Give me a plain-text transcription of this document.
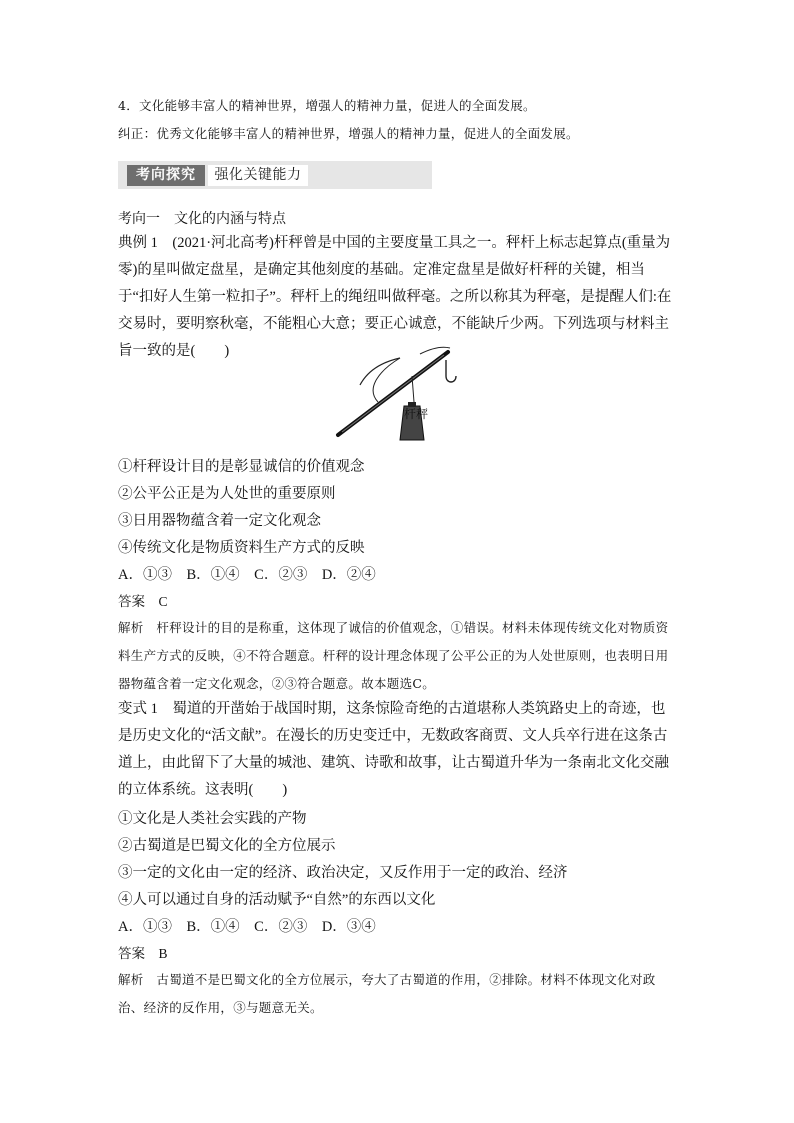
4．文化能够丰富人的精神世界，增强人的精神力量，促进人的全面发展。
纠正：优秀文化能够丰富人的精神世界，增强人的精神力量，促进人的全面发展。
考向探究	强化关键能力
考向一　文化的内涵与特点
典例 1　(2021·河北高考)杆秤曾是中国的主要度量工具之一。秤杆上标志起算点(重量为零)的星叫做定盘星，是确定其他刻度的基础。定准定盘星是做好杆秤的关键，相当于“扣好人生第一粒扣子”。秤杆上的绳纽叫做秤毫。之所以称其为秤毫，是提醒人们:在交易时，要明察秋毫，不能粗心大意；要正心诚意，不能缺斤少两。下列选项与材料主旨一致的是(　　)
杆秤
①杆秤设计目的是彰显诚信的价值观念
②公平公正是为人处世的重要原则
③日用器物蕴含着一定文化观念
④传统文化是物质资料生产方式的反映
A．①③　B．①④　C．②③　D．②④
答案　C
解析　杆秤设计的目的是称重，这体现了诚信的价值观念，①错误。材料未体现传统文化对物质资料生产方式的反映，④不符合题意。杆秤的设计理念体现了公平公正的为人处世原则，也表明日用器物蕴含着一定文化观念，②③符合题意。故本题选C。
变式 1　蜀道的开凿始于战国时期，这条惊险奇绝的古道堪称人类筑路史上的奇迹，也是历史文化的“活文献”。在漫长的历史变迁中，无数政客商贾、文人兵卒行进在这条古道上，由此留下了大量的城池、建筑、诗歌和故事，让古蜀道升华为一条南北文化交融的立体系统。这表明(　　)
①文化是人类社会实践的产物
②古蜀道是巴蜀文化的全方位展示
③一定的文化由一定的经济、政治决定，又反作用于一定的政治、经济
④人可以通过自身的活动赋予“自然”的东西以文化
A．①③　B．①④　C．②③　D．③④
答案　B
解析　古蜀道不是巴蜀文化的全方位展示，夸大了古蜀道的作用，②排除。材料不体现文化对政治、经济的反作用，③与题意无关。
